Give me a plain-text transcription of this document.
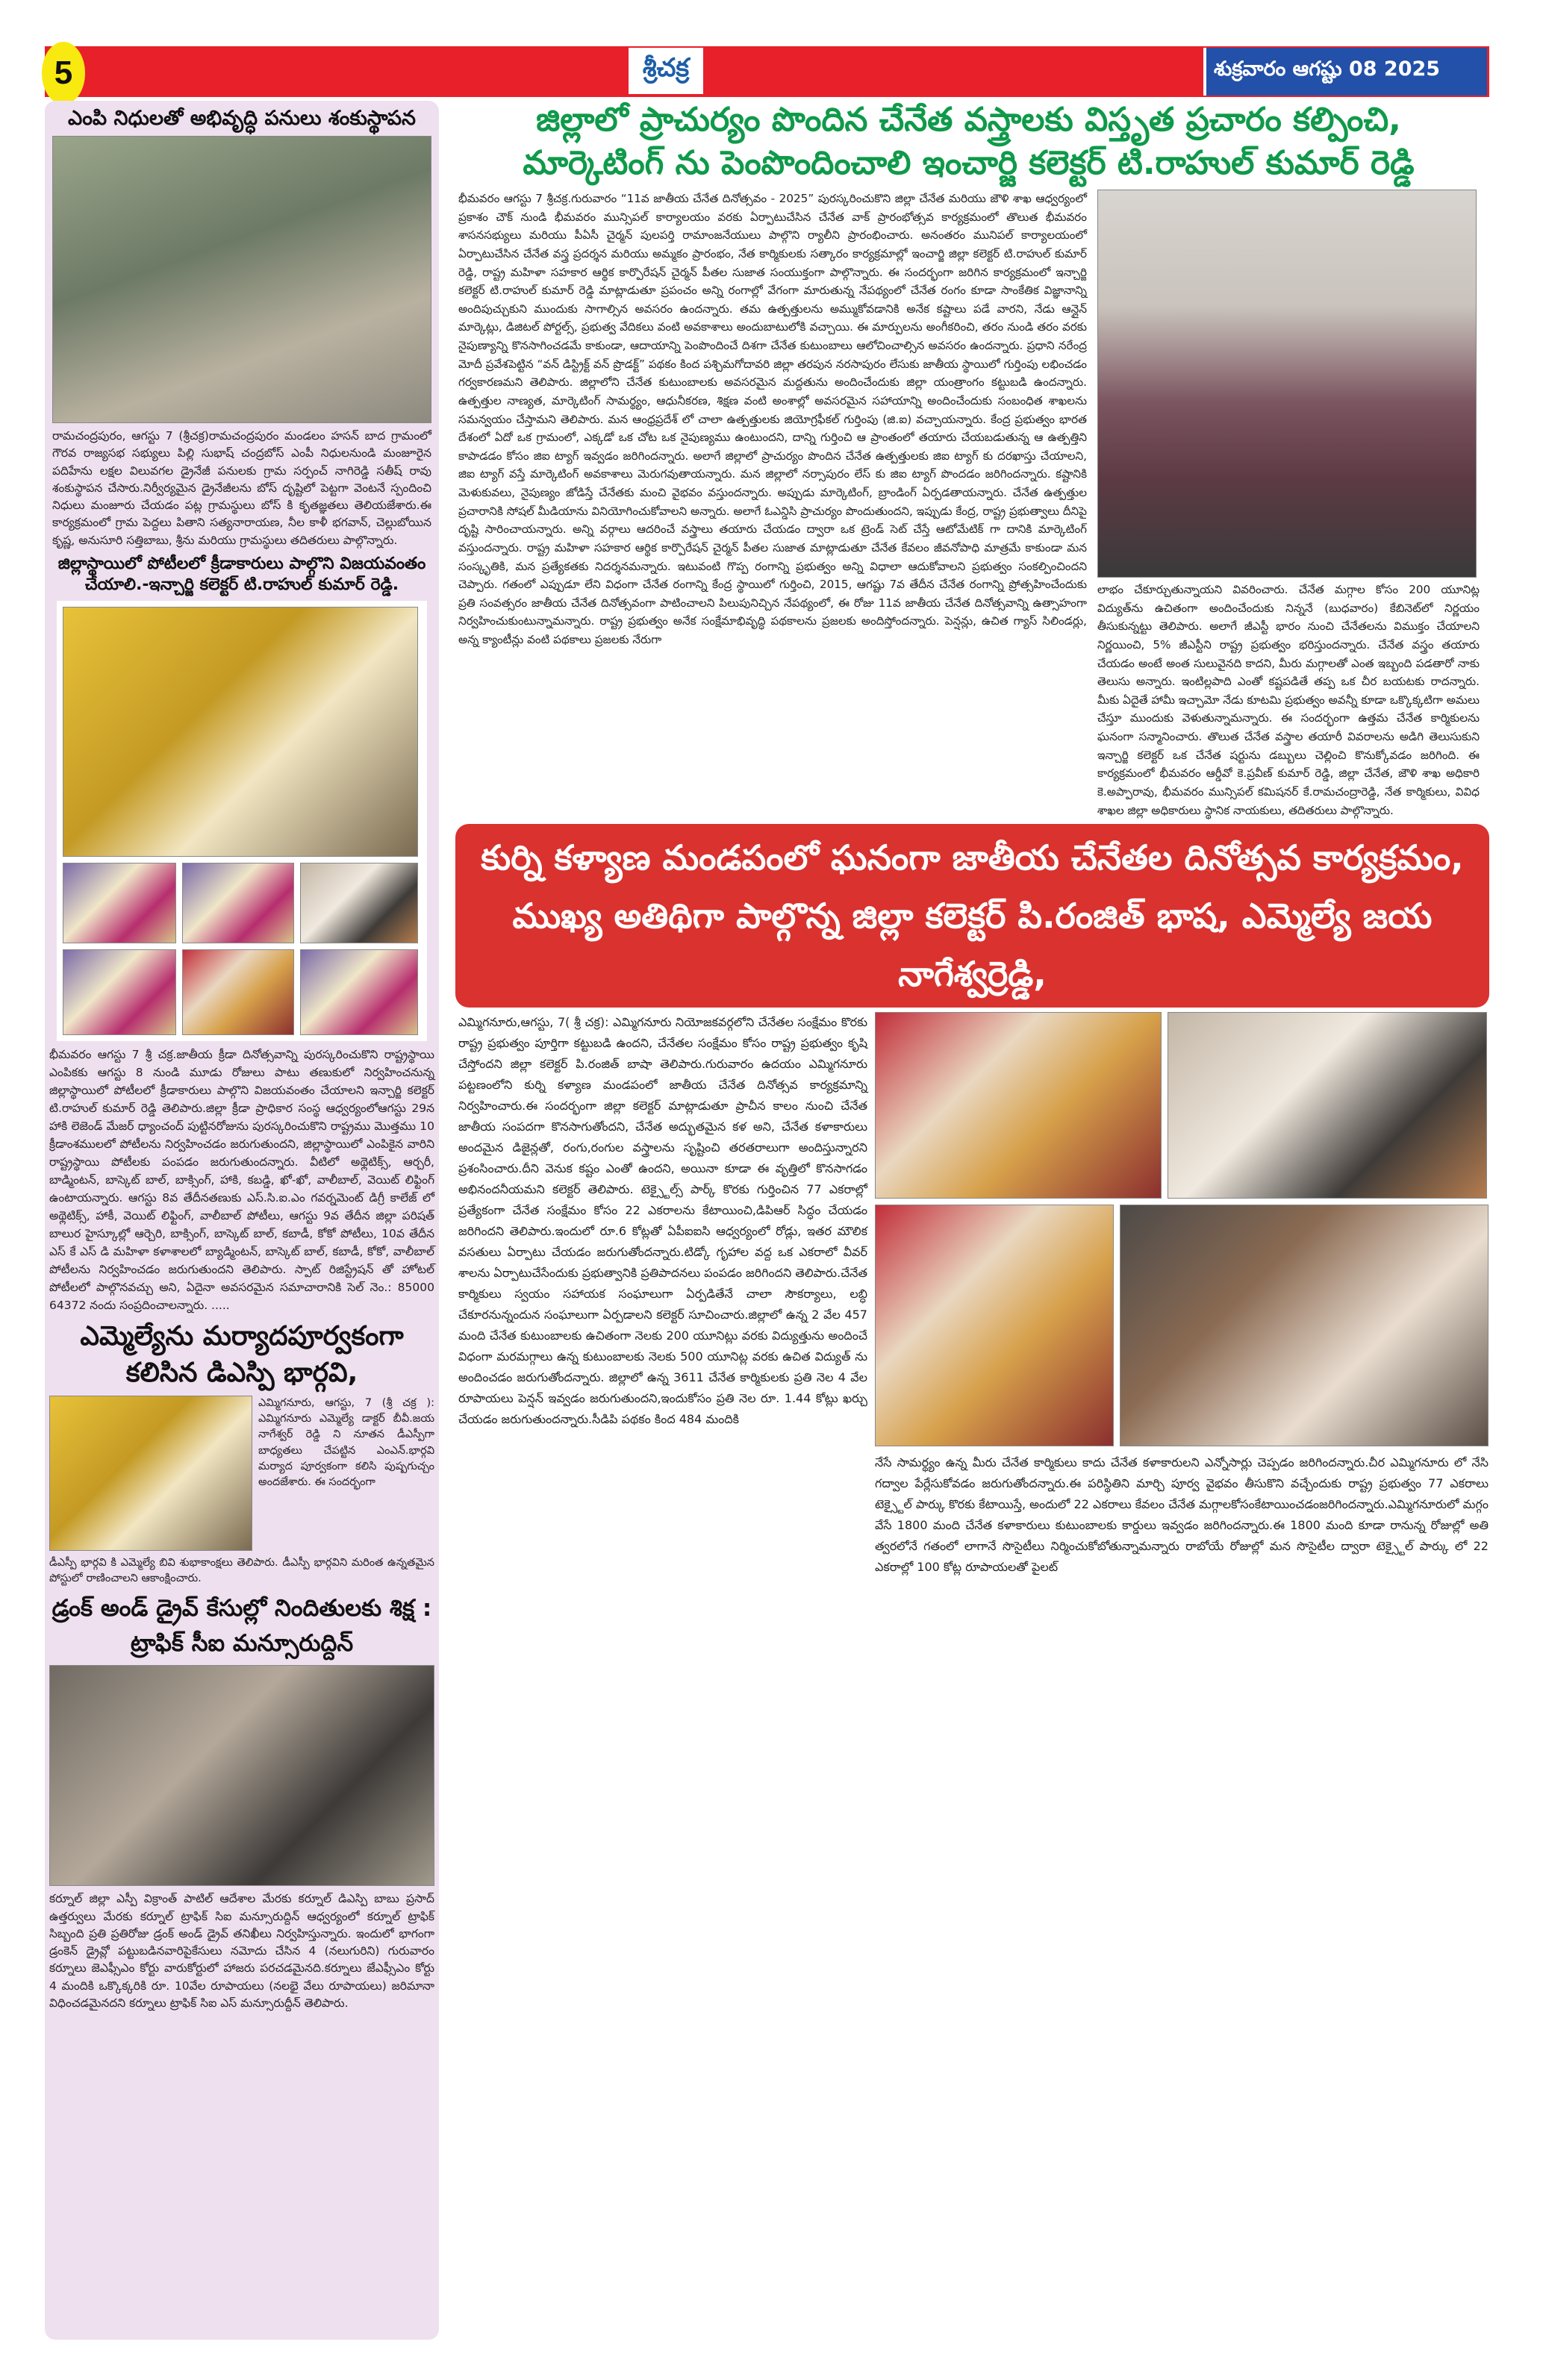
5	శ్రీచక్ర	శుక్రవారం ఆగష్టు 08 2025
ఎంపి నిధులతో అభివృద్ధి పనులు శంకుస్థాపన
రామచంద్రపురం, ఆగస్టు 7 (శ్రీచక్ర)రామచంద్రపురం మండలం హసన్ బాద గ్రామంలో గౌరవ రాజ్యసభ సభ్యులు పిల్లి సుభాష్ చంద్రబోస్ ఎంపీ నిధులనుండి మంజూరైన పదిహేను లక్షల విలువగల డ్రైనేజీ పనులకు గ్రామ సర్పంచ్ నాగిరెడ్డి సతీష్ రావు శంకుస్థాపన చేసారు.నిర్వీర్యమైన డ్రైనేజీలను బోస్ దృష్టిలో పెట్టగా వెంటనే స్పందించి నిధులు మంజూరు చేయడం పట్ల గ్రామస్థులు బోస్ కి కృతజ్ఞతలు తెలియజేశారు.ఈ కార్యక్రమంలో గ్రామ పెద్దలు పితాని సత్యనారాయణ, నీల కాళీ భగవాన్, చెల్లుబోయిన కృష్ణ, అనుసూరి సత్తిబాబు, శ్రీను మరియు గ్రామస్థులు తదితరులు పాల్గొన్నారు.
జిల్లాస్థాయిలో పోటీలలో క్రీడాకారులు పాల్గొని విజయవంతం చేయాలి.-ఇన్చార్జి కలెక్టర్ టి.రాహుల్ కుమార్ రెడ్డి.
భీమవరం ఆగస్టు 7 శ్రీ చక్ర.జాతీయ క్రీడా దినోత్సవాన్ని పురస్కరించుకొని రాష్ట్రస్థాయి ఎంపికకు ఆగస్టు 8 నుండి మూడు రోజులు పాటు తణుకులో నిర్వహించనున్న జిల్లాస్థాయిలో పోటీలలో క్రీడాకారులు పాల్గొని విజయవంతం చేయాలని ఇన్చార్జి కలెక్టర్ టి.రాహుల్ కుమార్ రెడ్డి తెలిపారు.జిల్లా క్రీడా ప్రాధికార సంస్థ ఆధ్వర్యంలోఆగస్టు 29న హాకి లెజెండ్ మేజర్ ధ్యాంచంద్ పుట్టినరోజును పురస్కరించుకొని రాష్ట్రము మొత్తము 10 క్రీడాంశములలో పోటీలను నిర్వహించడం జరుగుతుందని, జిల్లాస్థాయిలో ఎంపికైన వారిని రాష్ట్రస్థాయి పోటీలకు పంపడం జరుగుతుందన్నారు. వీటిలో అథ్లెటిక్స్, ఆర్చరీ, బాడ్మింటన్, బాస్కెట్ బాల్, బాక్సింగ్, హాకి, కబడ్డి, ఖో-ఖో, వాలీబాల్, వెయిట్ లిఫ్టింగ్ ఉంటాయన్నారు. ఆగస్టు 8వ తేదీనతణుకు ఎస్.సి.ఐ.ఎం గవర్నమెంట్ డిగ్రీ కాలేజ్ లో అథ్లెటిక్స్, హాకీ, వెయిట్ లిఫ్టింగ్, వాలీబాల్ పోటీలు, ఆగస్టు 9వ తేదీన జిల్లా పరిషత్ బాలుర హైస్కూల్లో ఆర్చెరి, బాక్సింగ్, బాస్కెట్ బాల్, కబాడీ, కోకో పోటీలు, 10వ తేదీన ఎస్ కే ఎస్ డి మహిళా కళాశాలలో బ్యాడ్మింటన్, బాస్కెట్ బాల్, కబాడీ, కోకో, వాలీబాల్ పోటీలను నిర్వహించడం జరుగుతుందని తెలిపారు. స్పాట్ రిజిస్ట్రేషన్ తో హోటల్ పోటీలలో పాల్గొనవచ్చు అని, ఏదైనా అవసరమైన సమాచారానికి సెల్ నెం.: 85000 64372 నందు సంప్రదించాలన్నారు. .....
ఎమ్మెల్యేను మర్యాదపూర్వకంగా కలిసిన డిఎస్పి భార్గవి,
ఎమ్మిగనూరు, ఆగస్టు, 7 (శ్రీ చక్ర ): ఎమ్మిగనూరు ఎమ్మెల్యే డాక్టర్ బీవీ.జయ నాగేశ్వర్ రెడ్డి ని నూతన డీఎస్పీగా బాధ్యతలు చేపట్టిన ఎంఎన్.భార్గవి మర్యాద పూర్వకంగా కలిసి పుష్పగుచ్చం అందజేశారు. ఈ సందర్భంగా
డీఎస్పీ భార్గవి కి ఎమ్మెల్యే బివి శుభాకాంక్షలు తెలిపారు. డీఎస్పీ భార్గవిని మరింత ఉన్నతమైన పోస్టులో రాణించాలని ఆకాంక్షించారు.
డ్రంక్ అండ్ డ్రైవ్ కేసుల్లో నిందితులకు శిక్ష : ట్రాఫిక్ సీఐ మన్సూరుద్దిన్
కర్నూల్ జిల్లా ఎస్పీ విక్రాంత్ పాటిల్ ఆదేశాల మేరకు కర్నూల్ డిఎస్పి బాబు ప్రసాద్ ఉత్తర్వులు మేరకు కర్నూల్ ట్రాఫిక్ సిఐ మన్సూరుద్దిన్ ఆధ్వర్యంలో కర్నూల్ ట్రాఫిక్ సిబ్బంది ప్రతి ప్రతిరోజు డ్రంక్ అండ్ డ్రైవ్ తనిఖీలు నిర్వహిస్తున్నారు. ఇందులో భాగంగా డ్రంకెన్ డ్రైవ్లో పట్టుబడినవారిపైకేసులు నమోదు చేసిన 4 (నలుగురిని) గురువారం కర్నూలు జెఎఫ్సీఎం కోర్టు వారుకోర్టులో హాజరు పరచడమైనది.కర్నూలు జేఎఫ్సీఎం కోర్టు 4 మందికి ఒక్కొక్కరికి రూ. 10వేల రూపాయలు (నలభై వేలు రూపాయలు) జరిమానా విధించడమైనదని కర్నూలు ట్రాఫిక్ సిఐ ఎస్ మన్సూరుద్దీన్ తెలిపారు.
జిల్లాలో ప్రాచుర్యం పొందిన చేనేత వస్త్రాలకు విస్తృత ప్రచారం కల్పించి,
మార్కెటింగ్ ను పెంపొందించాలి ఇంచార్జి కలెక్టర్ టి.రాహుల్ కుమార్ రెడ్డి
భీమవరం ఆగస్టు 7 శ్రీచక్ర.గురువారం “11వ జాతీయ చేనేత దినోత్సవం - 2025” పురస్కరించుకొని జిల్లా చేనేత మరియు జౌళి శాఖ ఆధ్వర్యంలో ప్రకాశం చౌక్ నుండి భీమవరం మున్సిపల్ కార్యాలయం వరకు ఏర్పాటుచేసిన చేనేత వాక్ ప్రారంభోత్సవ కార్యక్రమంలో తొలుత భీమవరం శాసనసభ్యులు మరియు పీఏసీ చైర్మన్ పులపర్తి రామాంజనేయులు పాల్గొని ర్యాలీని ప్రారంభించారు. అనంతరం మునిపల్ కార్యాలయంలో ఏర్పాటుచేసిన చేనేత వస్త్ర ప్రదర్శన మరియు అమ్మకం ప్రారంభం, నేత కార్మికులకు సత్కారం కార్యక్రమాల్లో ఇంచార్జి జిల్లా కలెక్టర్ టి.రాహుల్ కుమార్ రెడ్డి, రాష్ట్ర మహిళా సహకార ఆర్థిక కార్పొరేషన్ చైర్మన్ పీతల సుజాత సంయుక్తంగా పాల్గొన్నారు. ఈ సందర్భంగా జరిగిన కార్యక్రమంలో ఇన్చార్జి కలెక్టర్ టి.రాహుల్ కుమార్ రెడ్డి మాట్లాడుతూ ప్రపంచం అన్ని రంగాల్లో వేగంగా మారుతున్న నేపథ్యంలో చేనేత రంగం కూడా సాంకేతిక విజ్ఞానాన్ని అందిపుచ్చుకుని ముందుకు సాగాల్సిన అవసరం ఉందన్నారు. తమ ఉత్పత్తులను అమ్ముకోవడానికి అనేక కష్టాలు పడే వారని, నేడు ఆన్లైన్ మార్కెట్లు, డిజిటల్ పోర్టల్స్, ప్రభుత్వ వేదికలు వంటి అవకాశాలు అందుబాటులోకి వచ్చాయి. ఈ మార్పులను అంగీకరించి, తరం నుండి తరం వరకు నైపుణ్యాన్ని కొనసాగించడమే కాకుండా, ఆదాయాన్ని పెంపొందించే దిశగా చేనేత కుటుంబాలు ఆలోచించాల్సిన అవసరం ఉందన్నారు. ప్రధాని నరేంద్ర మోదీ ప్రవేశపెట్టిన “వన్ డిస్ట్రిక్ట్ వన్ ప్రొడక్ట్” పథకం కింద పశ్చిమగోదావరి జిల్లా తరపున నరసాపురం లేసుకు జాతీయ స్థాయిలో గుర్తింపు లభించడం గర్వకారణమని తెలిపారు. జిల్లాలోని చేనేత కుటుంబాలకు అవసరమైన మద్దతును అందించేందుకు జిల్లా యంత్రాంగం కట్టుబడి ఉందన్నారు. ఉత్పత్తుల నాణ్యత, మార్కెటింగ్ సామర్థ్యం, ఆధునీకరణ, శిక్షణ వంటి అంశాల్లో అవసరమైన సహాయాన్ని అందించేందుకు సంబంధిత శాఖలను సమన్వయం చేస్తామని తెలిపారు. మన ఆంధ్రప్రదేశ్ లో చాలా ఉత్పత్తులకు జియోగ్రఫీకల్ గుర్తింపు (జి.ఐ) వచ్చాయన్నారు. కేంద్ర ప్రభుత్వం భారత దేశంలో ఏదో ఒక గ్రామంలో, ఎక్కడో ఒక చోట ఒక నైపుణ్యము ఉంటుందని, దాన్ని గుర్తించి ఆ ప్రాంతంలో తయారు చేయబడుతున్న ఆ ఉత్పత్తిని కాపాడడం కోసం జిఐ ట్యాగ్ ఇవ్వడం జరిగిందన్నారు. అలాగే జిల్లాలో ప్రాచుర్యం పొందిన చేనేత ఉత్పత్తులకు జిఐ ట్యాగ్ కు దరఖాస్తు చేయాలని, జిఐ ట్యాగ్ వస్తే మార్కెటింగ్ అవకాశాలు మెరుగవుతాయన్నారు. మన జిల్లాలో నర్సాపురం లేస్ కు జిఐ ట్యాగ్ పొందడం జరిగిందన్నారు. కష్టానికి మెళుకువలు, నైపుణ్యం జోడిస్తే చేనేతకు మంచి వైభవం వస్తుందన్నారు. అప్పుడు మార్కెటింగ్, బ్రాండింగ్ ఏర్పడతాయన్నారు. చేనేత ఉత్పత్తుల ప్రచారానికి సోషల్ మీడియాను వినియోగించుకోవాలని అన్నారు. అలాగే ఓఎన్డిసి ప్రాచుర్యం పొందుతుందని, ఇప్పుడు కేంద్ర, రాష్ట్ర ప్రభుత్వాలు దీనిపై దృష్టి సారించాయన్నారు. అన్ని వర్గాలు ఆదరించే వస్త్రాలు తయారు చేయడం ద్వారా ఒక ట్రెండ్ సెట్ చేస్తే ఆటోమేటిక్ గా దానికి మార్కెటింగ్ వస్తుందన్నారు. రాష్ట్ర మహిళా సహకార ఆర్థిక కార్పొరేషన్ చైర్మన్ పీతల సుజాత మాట్లాడుతూ చేనేత కేవలం జీవనోపాధి మాత్రమే కాకుండా మన సంస్కృతికి, మన ప్రత్యేకతకు నిదర్శనమన్నారు. ఇటువంటి గొప్ప రంగాన్ని ప్రభుత్వం అన్ని విధాలా ఆదుకోవాలని ప్రభుత్వం సంకల్పించిందని చెప్పారు. గతంలో ఎప్పుడూ లేని విధంగా చేనేత రంగాన్ని కేంద్ర స్థాయిలో గుర్తించి, 2015, ఆగష్టు 7వ తేదీన చేనేత రంగాన్ని ప్రోత్సహించేందుకు ప్రతి సంవత్సరం జాతీయ చేనేత దినోత్సవంగా పాటించాలని పిలుపునిచ్చిన నేపథ్యంలో, ఈ రోజు 11వ జాతీయ చేనేత దినోత్సవాన్ని ఉత్సాహంగా నిర్వహించుకుంటున్నామన్నారు. రాష్ట్ర ప్రభుత్వం అనేక సంక్షేమాభివృద్ధి పథకాలను ప్రజలకు అందిస్తోందన్నారు. పెన్షన్లు, ఉచిత గ్యాస్ సిలిండర్లు, అన్న క్యాంటీన్లు వంటి పథకాలు ప్రజలకు నేరుగా
లాభం చేకూర్చుతున్నాయని వివరించారు. చేనేత మగ్గాల కోసం 200 యూనిట్ల విద్యుత్‌ను ఉచితంగా అందించేందుకు నిన్ననే (బుధవారం) కేబినెట్‌లో నిర్ణయం తీసుకున్నట్టు తెలిపారు. అలాగే జీఎస్టీ భారం నుంచి చేనేతలను విముక్తం చేయాలని నిర్ణయించి, 5% జీఎస్టీని రాష్ట్ర ప్రభుత్వం భరిస్తుందన్నారు. చేనేత వస్త్రం తయారు చేయడం అంటే అంత సులువైనది కాదని, మీరు మగ్గాలతో ఎంత ఇబ్బంది పడతారో నాకు తెలుసు అన్నారు. ఇంటిల్లపాది ఎంతో కష్టపడితే తప్ప ఒక చీర బయటకు రాదన్నారు. మీకు ఏదైతే హామీ ఇచ్చామో నేడు కూటమి ప్రభుత్వం అవన్నీ కూడా ఒక్కొక్కటిగా అమలు చేస్తూ ముందుకు వెళుతున్నామన్నారు. ఈ సందర్భంగా ఉత్తమ చేనేత కార్మికులను ఘనంగా సన్మానించారు. తొలుత చేనేత వస్త్రాల తయారీ వివరాలను అడిగి తెలుసుకుని ఇన్చార్జి కలెక్టర్ ఒక చేనేత షర్టును డబ్బులు చెల్లించి కొనుక్కోవడం జరిగింది. ఈ కార్యక్రమంలో భీమవరం ఆర్డీవో కె.ప్రవీణ్ కుమార్ రెడ్డి, జిల్లా చేనేత, జౌళి శాఖ అధికారి కె.అప్పారావు, భీమవరం మున్సిపల్ కమిషనర్ కే.రామచంద్రారెడ్డి, నేత కార్మికులు, వివిధ శాఖల జిల్లా అధికారులు స్థానిక నాయకులు, తదితరులు పాల్గొన్నారు.
కుర్ని కళ్యాణ మండపంలో ఘనంగా జాతీయ చేనేతల దినోత్సవ కార్యక్రమం,
ముఖ్య అతిథిగా పాల్గొన్న జిల్లా కలెక్టర్ పి.రంజిత్ భాష, ఎమ్మెల్యే జయ నాగేశ్వర్రెడ్డి,
ఎమ్మిగనూరు,ఆగస్టు, 7( శ్రీ చక్ర): ఎమ్మిగనూరు నియోజకవర్గలోని చేనేతల సంక్షేమం కొరకు రాష్ట్ర ప్రభుత్వం పూర్తిగా కట్టుబడి ఉందని, చేనేతల సంక్షేమం కోసం రాష్ట్ర ప్రభుత్వం కృషి చేస్తోందని జిల్లా కలెక్టర్ పి.రంజిత్ బాషా తెలిపారు.గురువారం ఉదయం ఎమ్మిగనూరు పట్టణంలోని కుర్ని కళ్యాణ మండపంలో జాతీయ చేనేత దినోత్సవ కార్యక్రమాన్ని నిర్వహించారు.ఈ సందర్భంగా జిల్లా కలెక్టర్ మాట్లాడుతూ ప్రాచీన కాలం నుంచి చేనేత జాతీయ సంపదగా కొనసాగుతోందని, చేనేత అద్భుతమైన కళ అని, చేనేత కళాకారులు అందమైన డిజైన్లతో, రంగు,రంగుల వస్త్రాలను సృష్టించి తరతరాలుగా అందిస్తున్నారని ప్రశంసించారు.దీని వెనుక కష్టం ఎంతో ఉందని, అయినా కూడా ఈ వృత్తిలో కొనసాగడం అభినందనీయమని కలెక్టర్ తెలిపారు. టెక్స్టైల్స్ పార్క్ కొరకు గుర్తించిన 77 ఎకరాల్లో ప్రత్యేకంగా చేనేత సంక్షేమం కోసం 22 ఎకరాలను కేటాయించి,డిపిఆర్ సిద్ధం చేయడం జరిగిందని తెలిపారు.ఇందులో రూ.6 కోట్లతో ఏపీఐఐసి ఆధ్వర్యంలో రోడ్లు, ఇతర మౌలిక వసతులు ఏర్పాటు చేయడం జరుగుతోందన్నారు.టిడ్కో గృహాల వద్ద ఒక ఎకరాలో వీవర్ శాలను ఏర్పాటుచేసేందుకు ప్రభుత్వానికి ప్రతిపాదనలు పంపడం జరిగిందని తెలిపారు.చేనేత కార్మికులు స్వయం సహాయక సంఘాలుగా ఏర్పడితేనే చాలా సౌకర్యాలు, లబ్ధి చేకూరనున్నందున సంఘాలుగా ఏర్పడాలని కలెక్టర్ సూచించారు.జిల్లాలో ఉన్న 2 వేల 457 మంది చేనేత కుటుంబాలకు ఉచితంగా నెలకు 200 యూనిట్లు వరకు విద్యుత్తును అందించే విధంగా మరమగ్గాలు ఉన్న కుటుంబాలకు నెలకు 500 యూనిట్ల వరకు ఉచిత విద్యుత్ ను అందించడం జరుగుతోందన్నారు. జిల్లాలో ఉన్న 3611 చేనేత కార్మికులకు ప్రతి నెల 4 వేల రూపాయలు పెన్షన్ ఇవ్వడం జరుగుతుందని,ఇందుకోసం ప్రతి నెల రూ. 1.44 కోట్లు ఖర్చు చేయడం జరుగుతుందన్నారు.సీడిపి పథకం కింద 484 మందికి
నేసే సామర్థ్యం ఉన్న మీరు చేనేత కార్మికులు కాదు చేనేత కళాకారులని ఎన్నోసార్లు చెప్పడం జరిగిందన్నారు.చీర ఎమ్మిగనూరు లో నేసి గద్వాల పేర్లేసుకోవడం జరుగుతోందన్నారు.ఈ పరిస్థితిని మార్చి పూర్వ వైభవం తీసుకొని వచ్చేందుకు రాష్ట్ర ప్రభుత్వం 77 ఎకరాలు టెక్స్టైల్ పార్కు కొరకు కేటాయిస్తే, అందులో 22 ఎకరాలు కేవలం చేనేత మగ్గాలకోసంకేటాయించడంజరిగిందన్నారు.ఎమ్మిగనూరులో మగ్గం వేసే 1800 మంది చేనేత కళాకారులు కుటుంబాలకు కార్డులు ఇవ్వడం జరిగిందన్నారు.ఈ 1800 మంది కూడా రానున్న రోజుల్లో అతి త్వరలోనే గతంలో లాగానే సొసైటీలు నిర్మించుకోబోతున్నామన్నారు రాబోయే రోజుల్లో మన సొసైటీల ద్వారా టెక్స్టైల్ పార్కు లో 22 ఎకరాల్లో 100 కోట్ల రూపాయలతో పైలట్
